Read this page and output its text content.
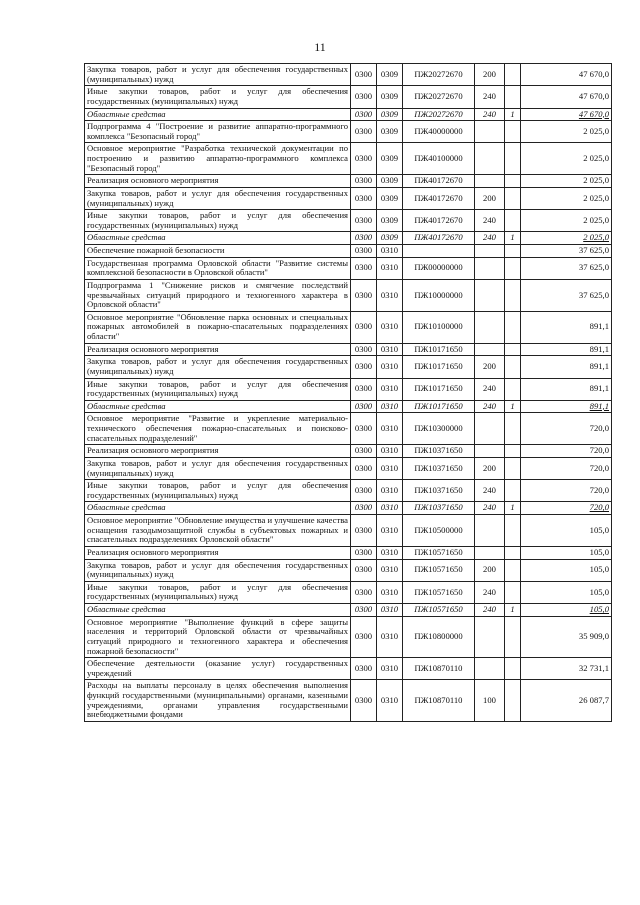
11
Закупка товаров, работ и услуг для обеспечения государственных (муниципальных) нужд	0300	0309	ПЖ20272670	200		47 670,0
Иные закупки товаров, работ и услуг для обеспечения государственных (муниципальных) нужд	0300	0309	ПЖ20272670	240		47 670,0
Областные средства	0300	0309	ПЖ20272670	240	1	47 670,0
Подпрограмма 4 "Построение и развитие аппаратно-программного комплекса "Безопасный город"	0300	0309	ПЖ40000000			2 025,0
Основное мероприятие "Разработка технической документации по построению и развитию аппаратно-программного комплекса "Безопасный город"	0300	0309	ПЖ40100000			2 025,0
Реализация основного мероприятия	0300	0309	ПЖ40172670			2 025,0
Закупка товаров, работ и услуг для обеспечения государственных (муниципальных) нужд	0300	0309	ПЖ40172670	200		2 025,0
Иные закупки товаров, работ и услуг для обеспечения государственных (муниципальных) нужд	0300	0309	ПЖ40172670	240		2 025,0
Областные средства	0300	0309	ПЖ40172670	240	1	2 025,0
Обеспечение пожарной безопасности	0300	0310				37 625,0
Государственная программа Орловской области "Развитие системы комплексной безопасности в Орловской области"	0300	0310	ПЖ00000000			37 625,0
Подпрограмма 1 "Снижение рисков и смягчение последствий чрезвычайных ситуаций природного и техногенного характера в Орловской области"	0300	0310	ПЖ10000000			37 625,0
Основное мероприятие "Обновление парка основных и специальных пожарных автомобилей в пожарно-спасательных подразделениях области"	0300	0310	ПЖ10100000			891,1
Реализация основного мероприятия	0300	0310	ПЖ10171650			891,1
Закупка товаров, работ и услуг для обеспечения государственных (муниципальных) нужд	0300	0310	ПЖ10171650	200		891,1
Иные закупки товаров, работ и услуг для обеспечения государственных (муниципальных) нужд	0300	0310	ПЖ10171650	240		891,1
Областные средства	0300	0310	ПЖ10171650	240	1	891,1
Основное мероприятие "Развитие и укрепление материально-технического обеспечения пожарно-спасательных и поисково-спасательных подразделений"	0300	0310	ПЖ10300000			720,0
Реализация основного мероприятия	0300	0310	ПЖ10371650			720,0
Закупка товаров, работ и услуг для обеспечения государственных (муниципальных) нужд	0300	0310	ПЖ10371650	200		720,0
Иные закупки товаров, работ и услуг для обеспечения государственных (муниципальных) нужд	0300	0310	ПЖ10371650	240		720,0
Областные средства	0300	0310	ПЖ10371650	240	1	720,0
Основное мероприятие "Обновление имущества и улучшение качества оснащения газодымозащитной службы в субъектовых пожарных и спасательных подразделениях Орловской области"	0300	0310	ПЖ10500000			105,0
Реализация основного мероприятия	0300	0310	ПЖ10571650			105,0
Закупка товаров, работ и услуг для обеспечения государственных (муниципальных) нужд	0300	0310	ПЖ10571650	200		105,0
Иные закупки товаров, работ и услуг для обеспечения государственных (муниципальных) нужд	0300	0310	ПЖ10571650	240		105,0
Областные средства	0300	0310	ПЖ10571650	240	1	105,0
Основное мероприятие "Выполнение функций в сфере защиты населения и территорий Орловской области от чрезвычайных ситуаций природного и техногенного характера и обеспечения пожарной безопасности"	0300	0310	ПЖ10800000			35 909,0
Обеспечение деятельности (оказание услуг) государственных учреждений	0300	0310	ПЖ10870110			32 731,1
Расходы на выплаты персоналу в целях обеспечения выполнения функций государственными (муниципальными) органами, казенными учреждениями, органами управления государственными внебюджетными фондами	0300	0310	ПЖ10870110	100		26 087,7
